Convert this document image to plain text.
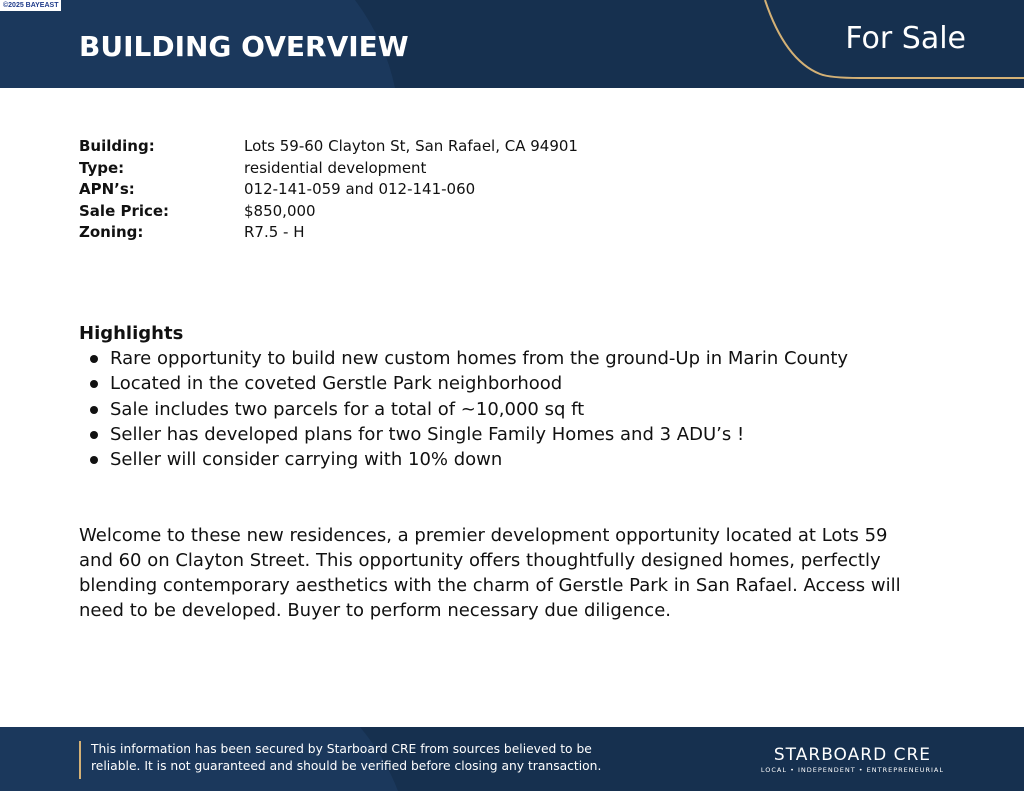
©2025 BAYEAST
BUILDING OVERVIEW	For Sale
Building:	Lots 59-60 Clayton St, San Rafael, CA 94901
Type:	residential development
APN’s:	012-141-059 and 012-141-060
Sale Price:	$850,000
Zoning:	R7.5 - H
Highlights
Rare opportunity to build new custom homes from the ground-Up in Marin County
Located in the coveted Gerstle Park neighborhood
Sale includes two parcels for a total of ~10,000 sq ft
Seller has developed plans for two Single Family Homes and 3 ADU’s !
Seller will consider carrying with 10% down

Welcome to these new residences, a premier development opportunity located at Lots 59 and 60 on Clayton Street. This opportunity offers thoughtfully designed homes, perfectly blending contemporary aesthetics with the charm of Gerstle Park in San Rafael. Access will need to be developed. Buyer to perform necessary due diligence.

This information has been secured by Starboard CRE from sources believed to be reliable. It is not guaranteed and should be verified before closing any transaction.

STARBOARD CRE
LOCAL • INDEPENDENT • ENTREPRENEURIAL
